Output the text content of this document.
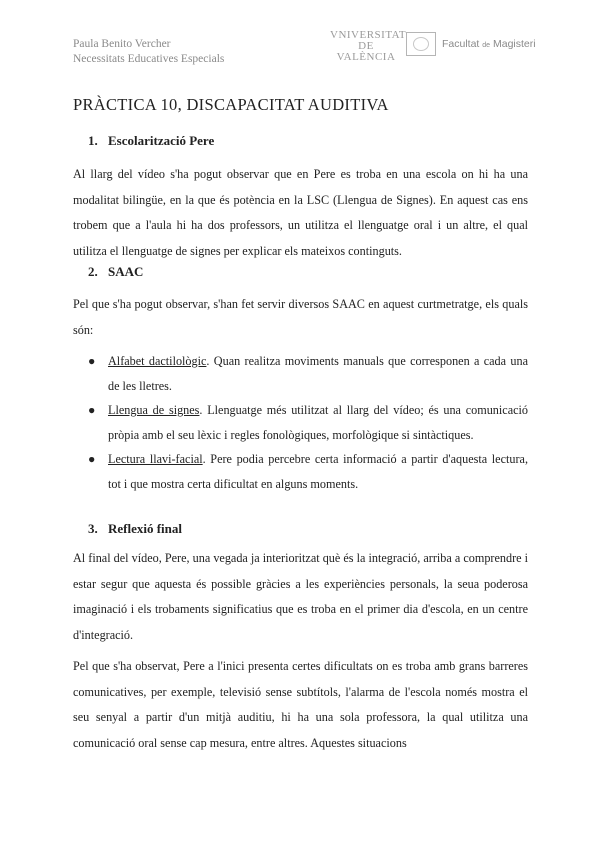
Paula Benito Vercher
Necessitats Educatives Especials
VNIVERSITAT
DE VALÈNCIA
Facultat de Magisteri
PRÀCTICA 10, DISCAPACITAT AUDITIVA
1. Escolarització Pere

Al llarg del vídeo s'ha pogut observar que en Pere es troba en una escola on hi ha una modalitat bilingüe, en la que és potència en la LSC (Llengua de Signes). En aquest cas ens trobem que a l'aula hi ha dos professors, un utilitza el llenguatge oral i un altre, el qual utilitza el llenguatge de signes per explicar els mateixos continguts.

2. SAAC

Pel que s'ha pogut observar, s'han fet servir diversos SAAC en aquest curtmetratge, els quals són:

● Alfabet dactilològic. Quan realitza moviments manuals que corresponen a cada una de les lletres.
● Llengua de signes. Llenguatge més utilitzat al llarg del vídeo; és una comunicació pròpia amb el seu lèxic i regles fonològiques, morfològique si sintàctiques.
● Lectura llavi-facial. Pere podia percebre certa informació a partir d'aquesta lectura, tot i que mostra certa dificultat en alguns moments.
3. Reflexió final

Al final del vídeo, Pere, una vegada ja interioritzat què és la integració, arriba a comprendre i estar segur que aquesta és possible gràcies a les experiències personals, la seua poderosa imaginació i els trobaments significatius que es troba en el primer dia d'escola, en un centre d'integració.

Pel que s'ha observat, Pere a l'inici presenta certes dificultats on es troba amb grans barreres comunicatives, per exemple, televisió sense subtítols, l'alarma de l'escola només mostra el seu senyal a partir d'un mitjà auditiu, hi ha una sola professora, la qual utilitza una comunicació oral sense cap mesura, entre altres. Aquestes situacions
